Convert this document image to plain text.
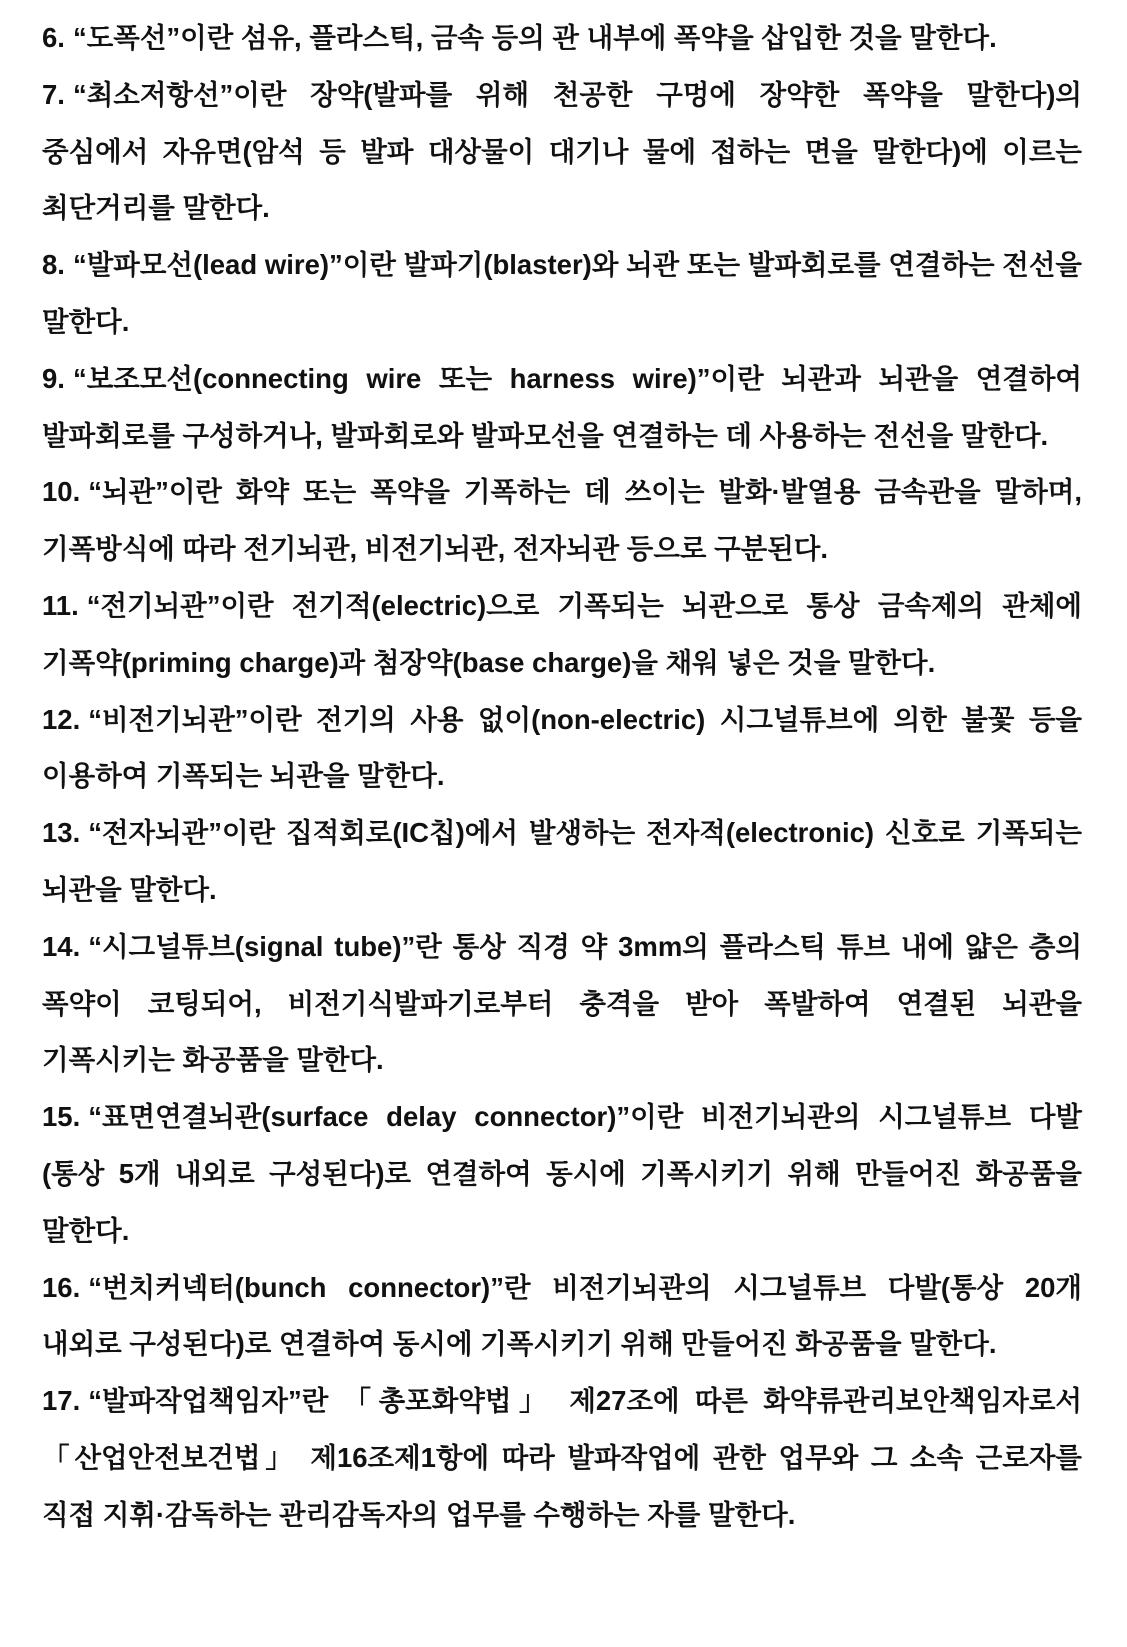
6. “도폭선”이란 섬유, 플라스틱, 금속 등의 관 내부에 폭약을 삽입한 것을 말한다.

7. “최소저항선”이란 장약(발파를 위해 천공한 구멍에 장약한 폭약을 말한다)의 중심에서 자유면(암석 등 발파 대상물이 대기나 물에 접하는 면을 말한다)에 이르는 최단거리를 말한다.

8. “발파모선(lead wire)”이란 발파기(blaster)와 뇌관 또는 발파회로를 연결하는 전선을 말한다.

9. “보조모선(connecting wire 또는 harness wire)”이란 뇌관과 뇌관을 연결하여 발파회로를 구성하거나, 발파회로와 발파모선을 연결하는 데 사용하는 전선을 말한다.

10. “뇌관”이란 화약 또는 폭약을 기폭하는 데 쓰이는 발화·발열용 금속관을 말하며, 기폭방식에 따라 전기뇌관, 비전기뇌관, 전자뇌관 등으로 구분된다.

11. “전기뇌관”이란 전기적(electric)으로 기폭되는 뇌관으로 통상 금속제의 관체에 기폭약(priming charge)과 첨장약(base charge)을 채워 넣은 것을 말한다.

12. “비전기뇌관”이란 전기의 사용 없이(non-electric) 시그널튜브에 의한 불꽃 등을 이용하여 기폭되는 뇌관을 말한다.

13. “전자뇌관”이란 집적회로(IC칩)에서 발생하는 전자적(electronic) 신호로 기폭되는 뇌관을 말한다.

14. “시그널튜브(signal tube)”란 통상 직경 약 3mm의 플라스틱 튜브 내에 얇은 층의 폭약이 코팅되어, 비전기식발파기로부터 충격을 받아 폭발하여 연결된 뇌관을 기폭시키는 화공품을 말한다.

15. “표면연결뇌관(surface delay connector)”이란 비전기뇌관의 시그널튜브 다발(통상 5개 내외로 구성된다)로 연결하여 동시에 기폭시키기 위해 만들어진 화공품을 말한다.

16. “번치커넥터(bunch connector)”란 비전기뇌관의 시그널튜브 다발(통상 20개 내외로 구성된다)로 연결하여 동시에 기폭시키기 위해 만들어진 화공품을 말한다.

17. “발파작업책임자”란 「총포화약법」 제27조에 따른 화약류관리보안책임자로서 「산업안전보건법」 제16조제1항에 따라 발파작업에 관한 업무와 그 소속 근로자를 직접 지휘·감독하는 관리감독자의 업무를 수행하는 자를 말한다.
